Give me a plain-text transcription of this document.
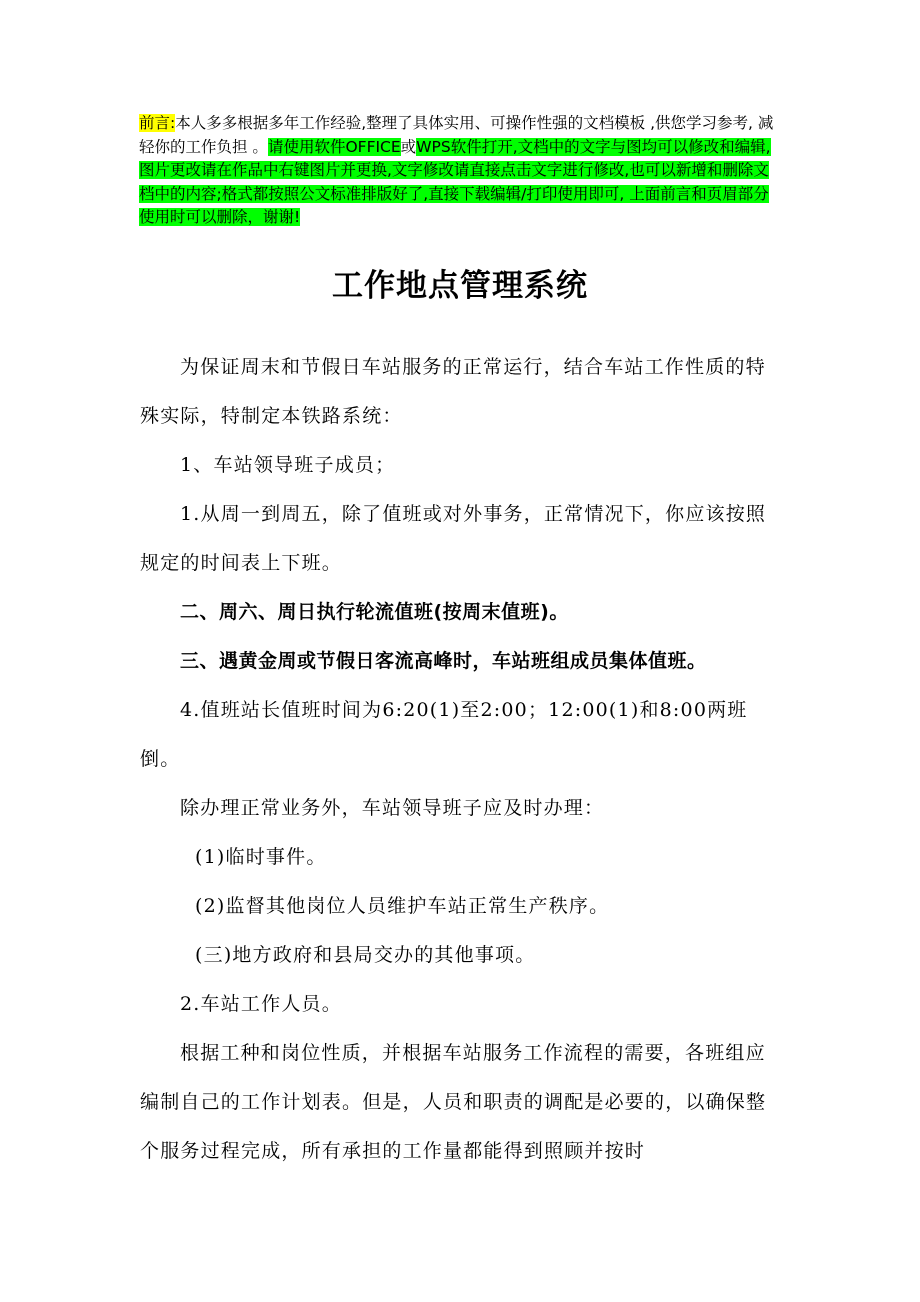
前言:本人多多根据多年工作经验,整理了具体实用、可操作性强的文档模板 ,供您学习参考, 减轻你的工作负担 。请使用软件OFFICE或WPS软件打开,文档中的文字与图均可以修改和编辑,图片更改请在作品中右键图片并更换,文字修改请直接点击文字进行修改,也可以新增和删除文档中的内容;格式都按照公文标准排版好了,直接下载编辑/打印使用即可, 上面前言和页眉部分使用时可以删除，谢谢!
工作地点管理系统

为保证周末和节假日车站服务的正常运行，结合车站工作性质的特殊实际，特制定本铁路系统：

1、车站领导班子成员；

1.从周一到周五，除了值班或对外事务，正常情况下，你应该按照规定的时间表上下班。

二、周六、周日执行轮流值班(按周末值班)。

三、遇黄金周或节假日客流高峰时，车站班组成员集体值班。

4.值班站长值班时间为6:20(1)至2:00；12:00(1)和8:00两班倒。

除办理正常业务外，车站领导班子应及时办理：

(1)临时事件。

(2)监督其他岗位人员维护车站正常生产秩序。

(三)地方政府和县局交办的其他事项。

2.车站工作人员。

根据工种和岗位性质，并根据车站服务工作流程的需要，各班组应编制自己的工作计划表。但是，人员和职责的调配是必要的，以确保整个服务过程完成，所有承担的工作量都能得到照顾并按时
